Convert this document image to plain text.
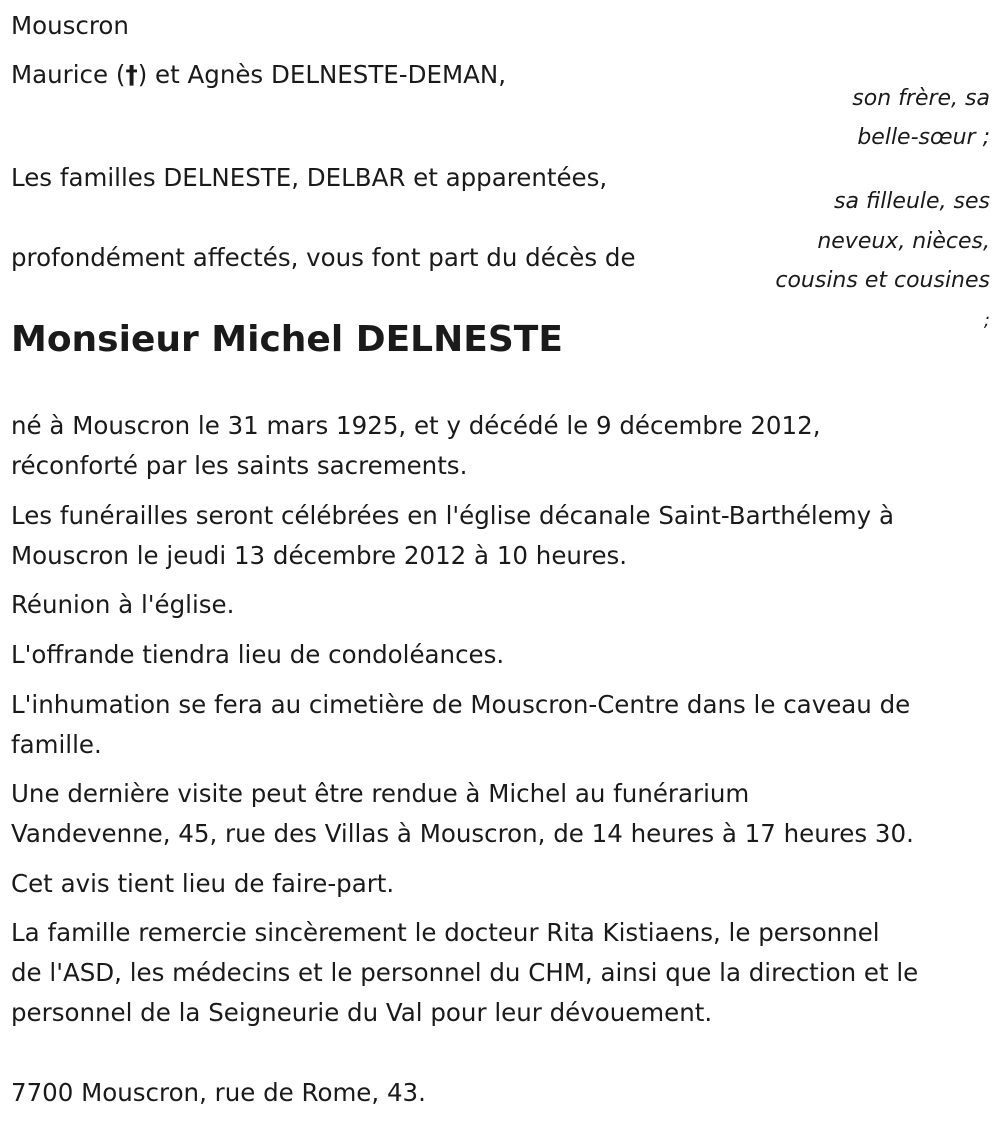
Mouscron

Maurice (†) et Agnès DELNESTE-DEMAN,

son frère, sa
belle-sœur ;

Les familles DELNESTE, DELBAR et apparentées,

sa filleule, ses
neveux, nièces,

profondément affectés, vous font part du décès de

cousins et cousines
;
Monsieur Michel DELNESTE

né à Mouscron le 31 mars 1925, et y décédé le 9 décembre 2012,

réconforté par les saints sacrements.

Les funérailles seront célébrées en l'église décanale Saint-Barthélemy à

Mouscron le jeudi 13 décembre 2012 à 10 heures.

Réunion à l'église.

L'offrande tiendra lieu de condoléances.

L'inhumation se fera au cimetière de Mouscron-Centre dans le caveau de

famille.

Une dernière visite peut être rendue à Michel au funérarium

Vandevenne, 45, rue des Villas à Mouscron, de 14 heures à 17 heures 30.

Cet avis tient lieu de faire-part.

La famille remercie sincèrement le docteur Rita Kistiaens, le personnel

de l'ASD, les médecins et le personnel du CHM, ainsi que la direction et le

personnel de la Seigneurie du Val pour leur dévouement.

7700 Mouscron, rue de Rome, 43.
